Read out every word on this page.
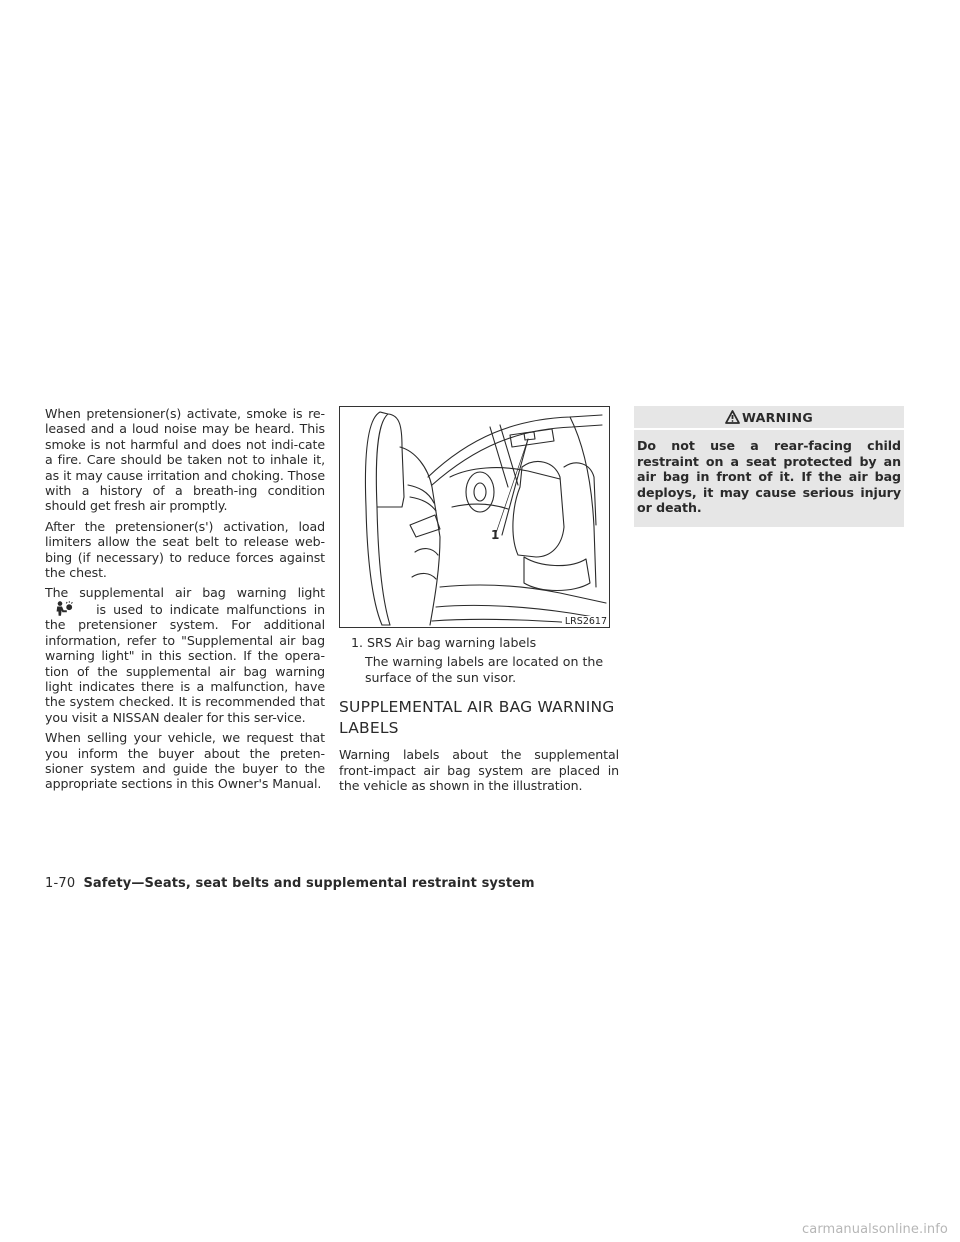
When pretensioner(s) activate, smoke is re-leased and a loud noise may be heard. This smoke is not harmful and does not indi-cate a fire. Care should be taken not to inhale it, as it may cause irritation and choking. Those with a history of a breath-ing condition should get fresh air promptly.

After the pretensioner(s') activation, load limiters allow the seat belt to release web-bing (if necessary) to reduce forces against the chest.

The supplemental air bag warning light
is used to indicate malfunctions in the pretensioner system. For additional information, refer to "Supplemental air bag warning light" in this section. If the opera-tion of the supplemental air bag warning light indicates there is a malfunction, have the system checked. It is recommended that you visit a NISSAN dealer for this ser-vice.

When selling your vehicle, we request that you inform the buyer about the preten-sioner system and guide the buyer to the appropriate sections in this Owner's Manual.

1
LRS2617
1. SRS Air bag warning labels
The warning labels are located on the surface of the sun visor.
SUPPLEMENTAL AIR BAG WARNING LABELS

Warning labels about the supplemental front-impact air bag system are placed in the vehicle as shown in the illustration.

WARNING
Do not use a rear-facing child restraint on a seat protected by an air bag in front of it. If the air bag deploys, it may cause serious injury or death.
1-70 Safety—Seats, seat belts and supplemental restraint system
carmanualsonline.info
